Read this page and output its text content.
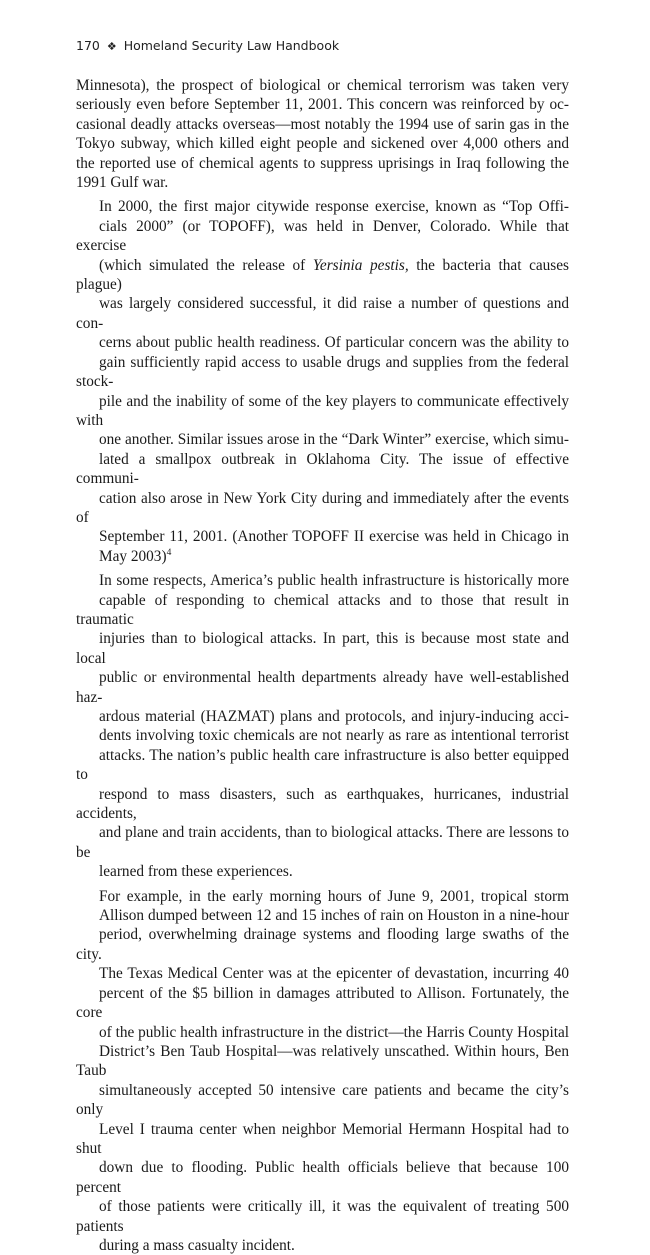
170 ❖ Homeland Security Law Handbook
Minnesota), the prospect of biological or chemical terrorism was taken very
seriously even before September 11, 2001. This concern was reinforced by oc-
casional deadly attacks overseas—most notably the 1994 use of sarin gas in the
Tokyo subway, which killed eight people and sickened over 4,000 others and
the reported use of chemical agents to suppress uprisings in Iraq following the
1991 Gulf war.
In 2000, the first major citywide response exercise, known as “Top Offi-
cials 2000” (or TOPOFF), was held in Denver, Colorado. While that exercise
(which simulated the release of Yersinia pestis, the bacteria that causes plague)
was largely considered successful, it did raise a number of questions and con-
cerns about public health readiness. Of particular concern was the ability to
gain sufficiently rapid access to usable drugs and supplies from the federal stock-
pile and the inability of some of the key players to communicate effectively with
one another. Similar issues arose in the “Dark Winter” exercise, which simu-
lated a smallpox outbreak in Oklahoma City. The issue of effective communi-
cation also arose in New York City during and immediately after the events of
September 11, 2001. (Another TOPOFF II exercise was held in Chicago in
May 2003)$^4$
In some respects, America’s public health infrastructure is historically more
capable of responding to chemical attacks and to those that result in traumatic
injuries than to biological attacks. In part, this is because most state and local
public or environmental health departments already have well-established haz-
ardous material (HAZMAT) plans and protocols, and injury-inducing acci-
dents involving toxic chemicals are not nearly as rare as intentional terrorist
attacks. The nation’s public health care infrastructure is also better equipped to
respond to mass disasters, such as earthquakes, hurricanes, industrial accidents,
and plane and train accidents, than to biological attacks. There are lessons to be
learned from these experiences.
For example, in the early morning hours of June 9, 2001, tropical storm
Allison dumped between 12 and 15 inches of rain on Houston in a nine-hour
period, overwhelming drainage systems and flooding large swaths of the city.
The Texas Medical Center was at the epicenter of devastation, incurring 40
percent of the $5 billion in damages attributed to Allison. Fortunately, the core
of the public health infrastructure in the district—the Harris County Hospital
District’s Ben Taub Hospital—was relatively unscathed. Within hours, Ben Taub
simultaneously accepted 50 intensive care patients and became the city’s only
Level I trauma center when neighbor Memorial Hermann Hospital had to shut
down due to flooding. Public health officials believe that because 100 percent
of those patients were critically ill, it was the equivalent of treating 500 patients
during a mass casualty incident.
